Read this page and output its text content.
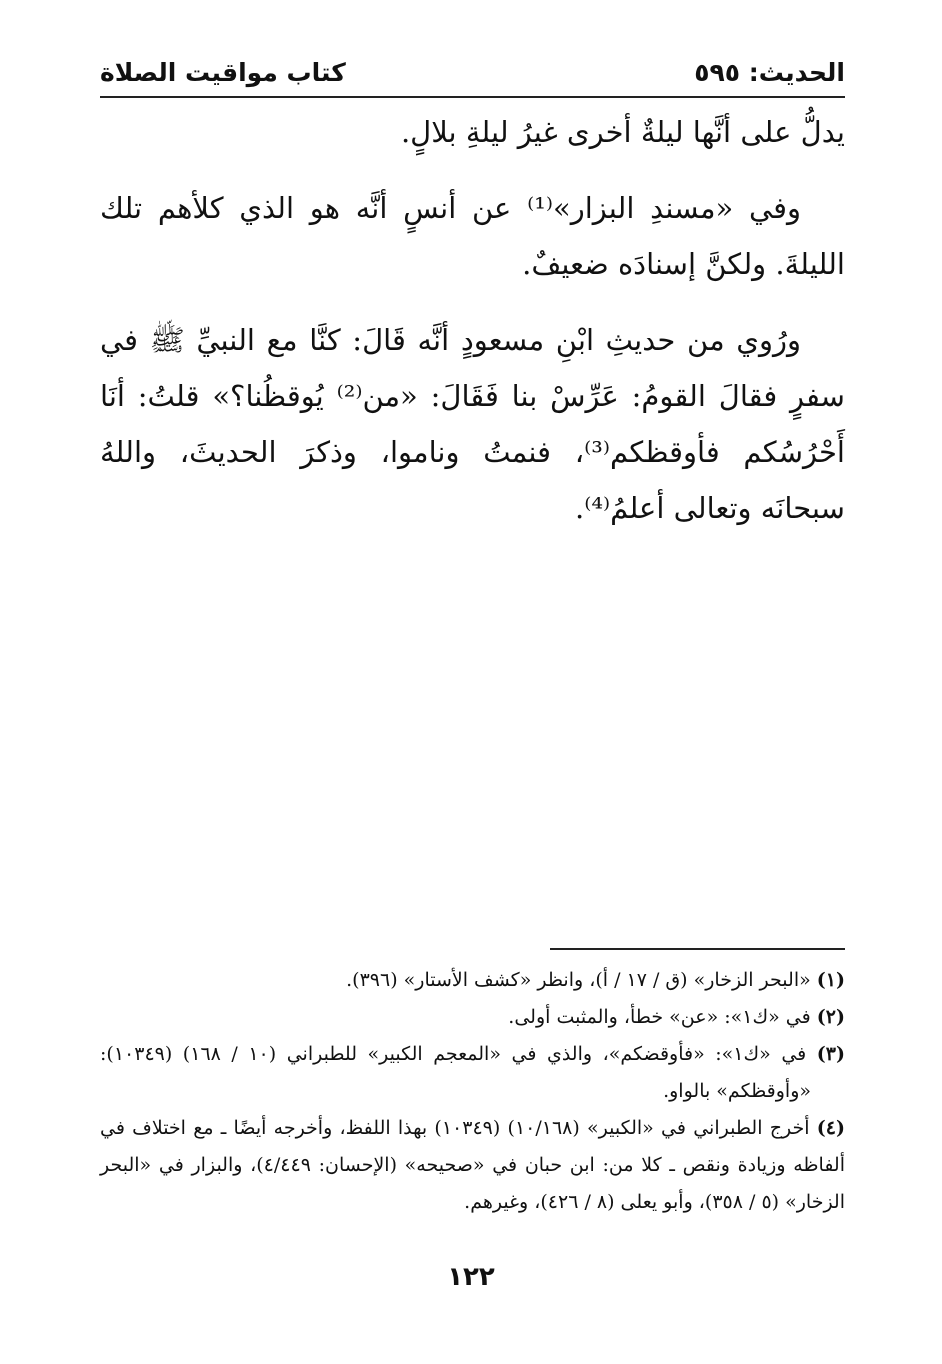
الحديث: ٥٩٥
كتاب مواقيت الصلاة

يدلُّ على أنَّها ليلةٌ أخرى غيرُ ليلةِ بلالٍ.

وفي «مسندِ البزار»⁽¹⁾ عن أنسٍ أنَّه هو الذي كلأهم تلك الليلةَ. ولكنَّ إسنادَه ضعيفٌ.

ورُوي من حديثِ ابْنِ مسعودٍ أنَّه قَالَ: كنَّا مع النبيِّ ﷺ في سفرٍ فقالَ القومُ: عَرِّسْ بنا فَقَالَ: «من⁽²⁾ يُوقظُنا؟» قلتُ: أنَا أَحْرُسُكم فأوقظكم⁽³⁾، فنمتُ وناموا، وذكرَ الحديثَ، واللهُ سبحانَه وتعالى أعلمُ⁽⁴⁾.

(١) «البحر الزخار» (ق / ١٧ / أ)، وانظر «كشف الأستار» (٣٩٦).

(٢) في «ك١»: «عن» خطأ، والمثبت أولى.

(٣) في «ك١»: «فأوقضكم»، والذي في «المعجم الكبير» للطبراني (١٠ / ١٦٨) (١٠٣٤٩): «وأوقظكم» بالواو.

(٤) أخرج الطبراني في «الكبير» (١٠/١٦٨) (١٠٣٤٩) بهذا اللفظ، وأخرجه أيضًا ـ مع اختلاف في ألفاظه وزيادة ونقص ـ كلا من: ابن حبان في «صحيحه» (الإحسان: ٤/٤٤٩)، والبزار في «البحر الزخار» (٥ / ٣٥٨)، وأبو يعلى (٨ / ٤٢٦)، وغيرهم.

١٢٢
